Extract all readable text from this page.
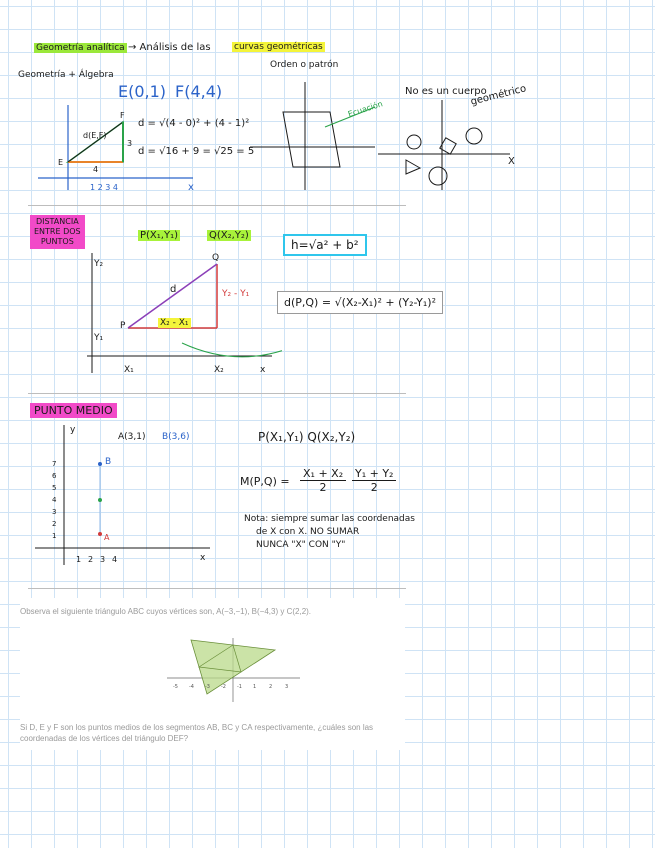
Geometría analítica → Análisis de las	curvas geométricas
Geometría + Álgebra
E(0,1) F(4,4)
Orden o patrón
d = √(4 - 0)² + (4 - 1)²
d = √16 + 9 = √25 = 5
No es un cuerpo
geométrico
d(E,F)
4
3
E
F
1 2 3 4	x
Ecuación
X
DISTANCIA
ENTRE DOS
PUNTOS
P(X₁,Y₁)	Q(X₂,Y₂)
h=√a² + b²
d(P,Q) = √(X₂-X₁)² + (Y₂-Y₁)²
P
Q
d
X₁	X₂
Y₁
Y₂
x
X₂ - X₁
Y₂ - Y₁
PUNTO MEDIO
A(3,1) B(3,6)	P(X₁,Y₁) Q(X₂,Y₂)
$M(P,Q) = \frac{\text{X₁ + X₂}}{2} \frac{\text{Y₁ + Y₂}}{2}$
Nota: siempre sumar las coordenadas
de X con X. NO SUMAR
NUNCA "X" CON "Y"
A
B
y
x
1 2 3 4
1
2
3
4
5
6
7

Observa el siguiente triángulo ABC cuyos vértices son, A(−3,−1), B(−4,3) y C(2,2).

-5 -4 -3 -2 -1 1	2	3

Si D, E y F son los puntos medios de los segmentos AB, BC y CA respectivamente, ¿cuáles son las

coordenadas de los vértices del triángulo DEF?
